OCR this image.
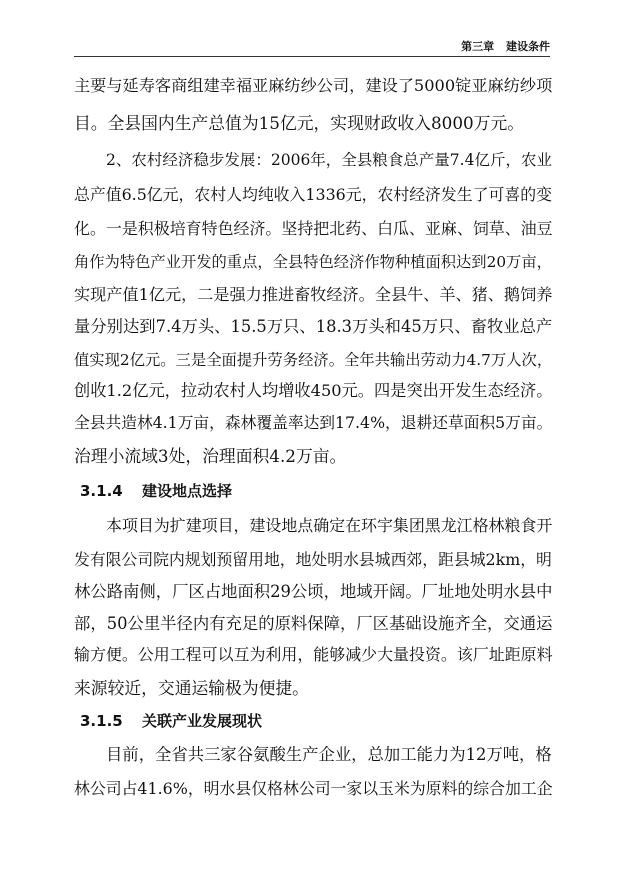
第三章 建设条件
主要与延寿客商组建幸福亚麻纺纱公司，建设了5000锭亚麻纺纱项
目。全县国内生产总值为15亿元，实现财政收入8000万元。
2、农村经济稳步发展：2006年，全县粮食总产量7.4亿斤，农业
总产值6.5亿元，农村人均纯收入1336元，农村经济发生了可喜的变
化。一是积极培育特色经济。坚持把北药、白瓜、亚麻、饲草、油豆
角作为特色产业开发的重点，全县特色经济作物种植面积达到20万亩，
实现产值1亿元，二是强力推进畜牧经济。全县牛、羊、猪、鹅饲养
量分别达到7.4万头、15.5万只、18.3万头和45万只、畜牧业总产
值实现2亿元。三是全面提升劳务经济。全年共输出劳动力4.7万人次，
创收1.2亿元，拉动农村人均增收450元。四是突出开发生态经济。
全县共造林4.1万亩，森林覆盖率达到17.4%，退耕还草面积5万亩。
治理小流域3处，治理面积4.2万亩。
3.1.4 建设地点选择
本项目为扩建项目，建设地点确定在环宇集团黑龙江格林粮食开
发有限公司院内规划预留用地，地处明水县城西郊，距县城2km，明
林公路南侧，厂区占地面积29公顷，地域开阔。厂址地处明水县中
部，50公里半径内有充足的原料保障，厂区基础设施齐全，交通运
输方便。公用工程可以互为利用，能够减少大量投资。该厂址距原料
来源较近，交通运输极为便捷。
3.1.5 关联产业发展现状
目前，全省共三家谷氨酸生产企业，总加工能力为12万吨，格
林公司占41.6%，明水县仅格林公司一家以玉米为原料的综合加工企
